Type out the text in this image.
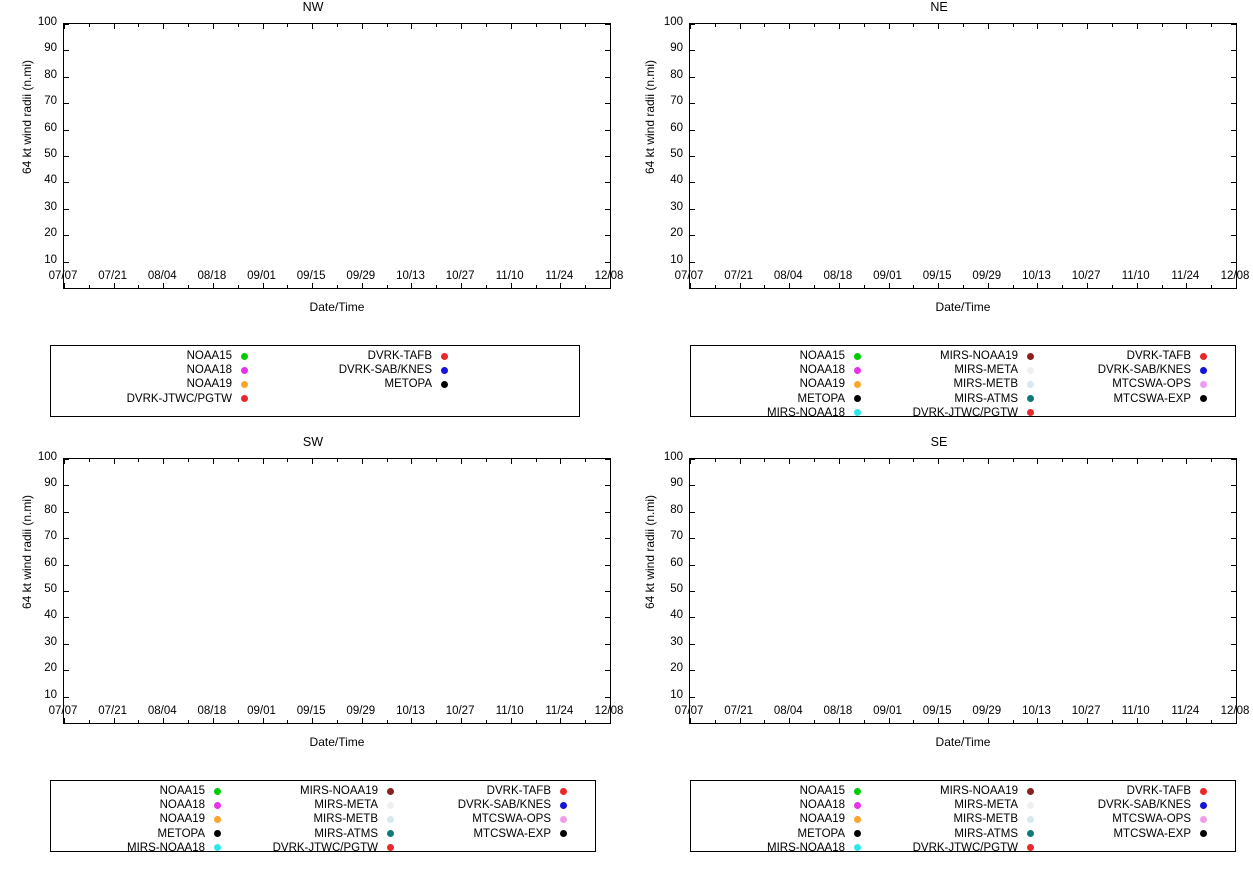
NW
64 kt wind radii (n.mi)
Date/Time
NOAA15	DVRK-TAFB
NOAA18	DVRK-SAB/KNES
NOAA19	METOPA
DVRK-JTWC/PGTW
07/07	07/21	08/04	08/18	09/01	09/15	09/29	10/13	10/27	11/10	11/24	12/08
10
20
30
40
50
60
70
80
90
100
NE
64 kt wind radii (n.mi)
Date/Time
NOAA15	MIRS-NOAA19	DVRK-TAFB
NOAA18	MIRS-META	DVRK-SAB/KNES
NOAA19	MIRS-METB	MTCSWA-OPS
METOPA	MIRS-ATMS	MTCSWA-EXP
MIRS-NOAA18	DVRK-JTWC/PGTW
07/07	07/21	08/04	08/18	09/01	09/15	09/29	10/13	10/27	11/10	11/24	12/08
10
20
30
40
50
60
70
80
90
100
SW
64 kt wind radii (n.mi)
Date/Time
NOAA15	MIRS-NOAA19	DVRK-TAFB
NOAA18	MIRS-META	DVRK-SAB/KNES
NOAA19	MIRS-METB	MTCSWA-OPS
METOPA	MIRS-ATMS	MTCSWA-EXP
MIRS-NOAA18	DVRK-JTWC/PGTW
07/07	07/21	08/04	08/18	09/01	09/15	09/29	10/13	10/27	11/10	11/24	12/08
10
20
30
40
50
60
70
80
90
100
SE
64 kt wind radii (n.mi)
Date/Time
NOAA15	MIRS-NOAA19	DVRK-TAFB
NOAA18	MIRS-META	DVRK-SAB/KNES
NOAA19	MIRS-METB	MTCSWA-OPS
METOPA	MIRS-ATMS	MTCSWA-EXP
MIRS-NOAA18	DVRK-JTWC/PGTW
07/07	07/21	08/04	08/18	09/01	09/15	09/29	10/13	10/27	11/10	11/24	12/08
10
20
30
40
50
60
70
80
90
100
